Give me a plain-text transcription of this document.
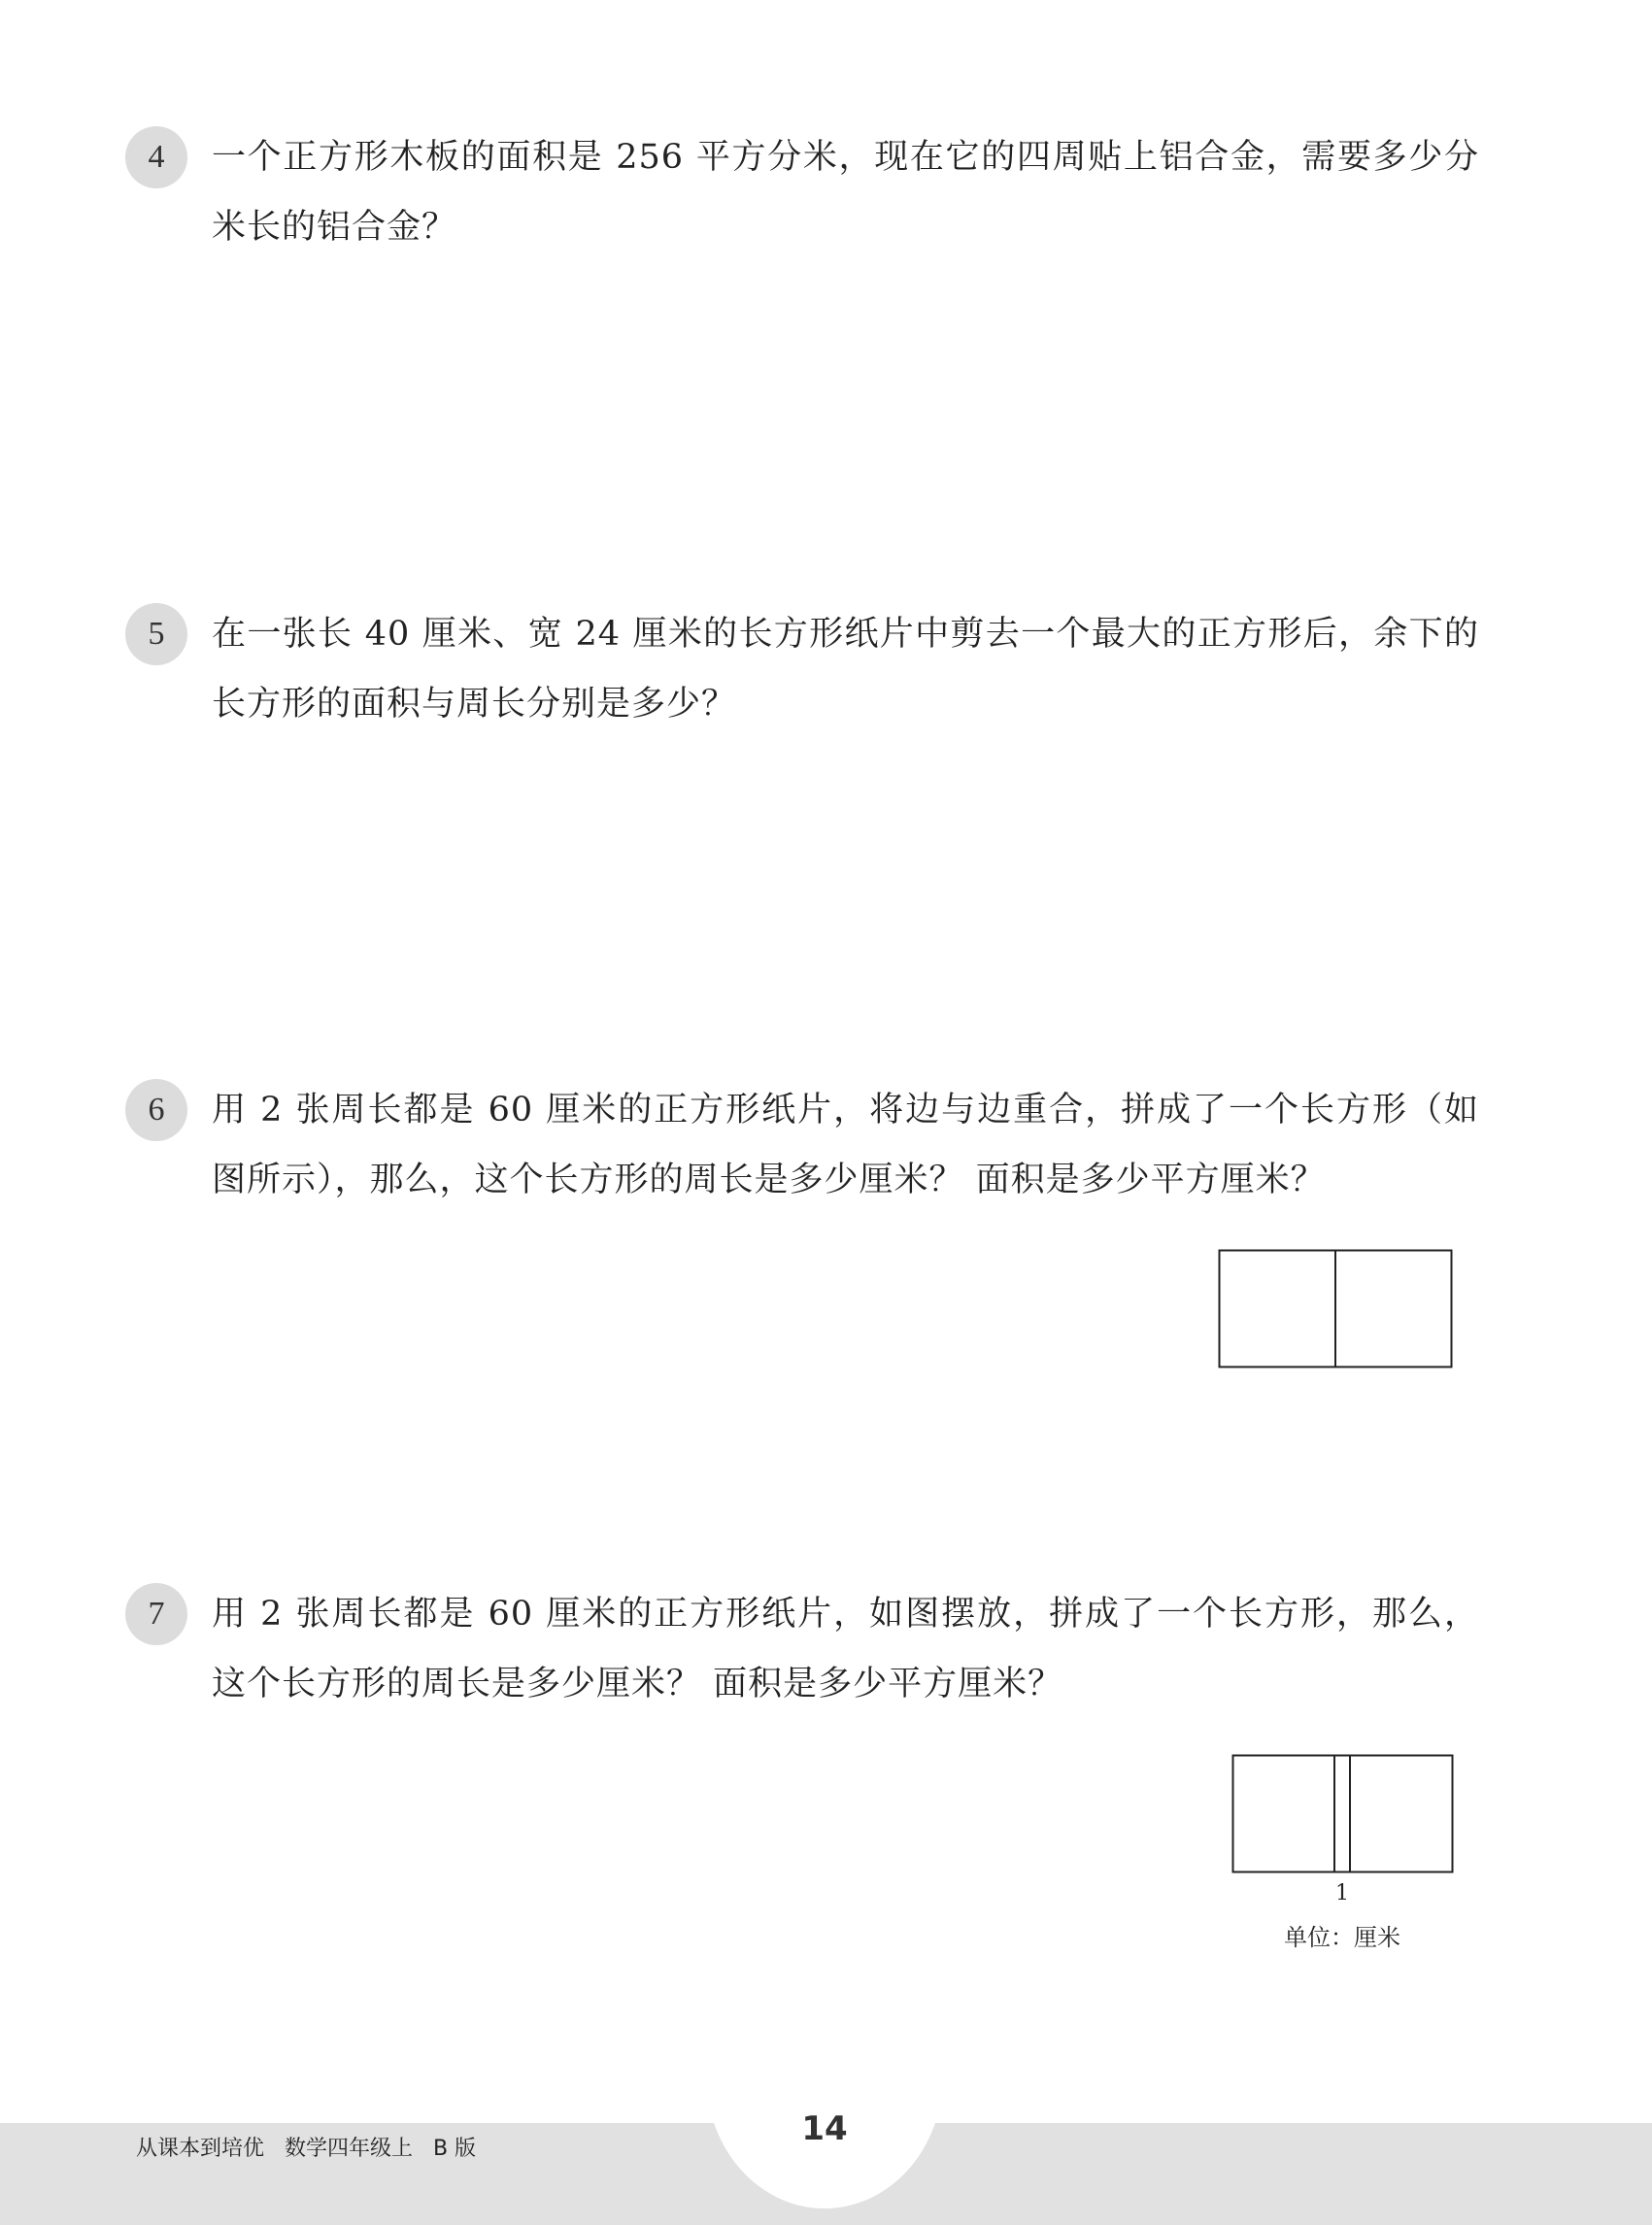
4	一个正方形木板的面积是 256 平方分米，现在它的四周贴上铝合金，需要多少分米长的铝合金？
5	在一张长 40 厘米、宽 24 厘米的长方形纸片中剪去一个最大的正方形后，余下的长方形的面积与周长分别是多少？
6	用 2 张周长都是 60 厘米的正方形纸片，将边与边重合，拼成了一个长方形（如图所示），那么，这个长方形的周长是多少厘米？ 面积是多少平方厘米？
7	用 2 张周长都是 60 厘米的正方形纸片，如图摆放，拼成了一个长方形，那么，这个长方形的周长是多少厘米？ 面积是多少平方厘米？
1
单位：厘米
从课本到培优   数学四年级上   B 版
14
